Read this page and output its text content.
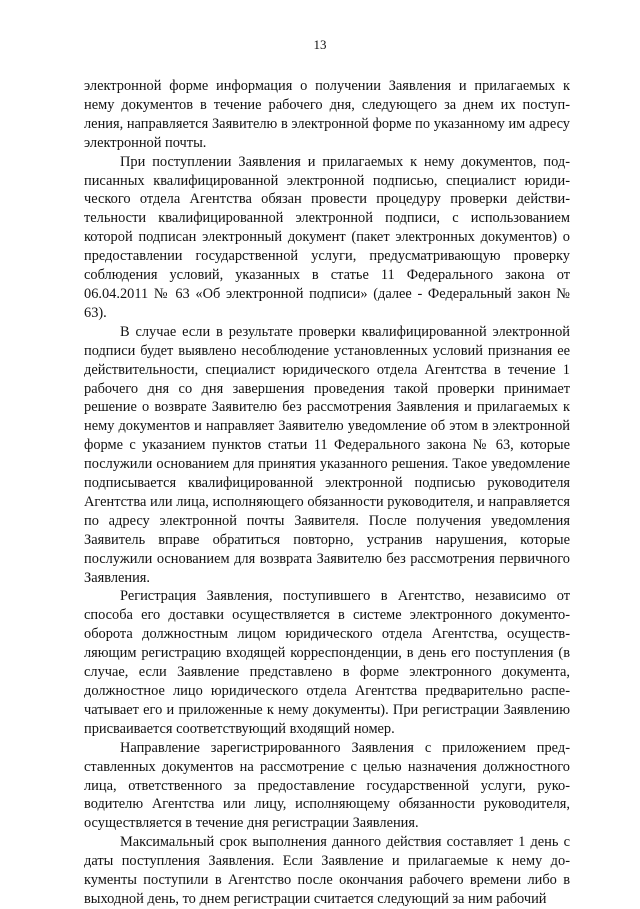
13

электронной форме информация о получении Заявления и прилагаемых к нему документов в течение рабочего дня, следующего за днем их поступления, направляется Заявителю в электронной форме по указанному им адресу электронной почты.

При поступлении Заявления и прилагаемых к нему документов, подписанных квалифицированной электронной подписью, специалист юридического отдела Агентства обязан провести процедуру проверки действительности квалифицированной электронной подписи, с использованием которой подписан электронный документ (пакет электронных документов) о предоставлении государственной услуги, предусматривающую проверку соблюдения условий, указанных в статье 11 Федерального закона от 06.04.2011 № 63 «Об электронной подписи» (далее - Федеральный закон № 63).

В случае если в результате проверки квалифицированной электронной подписи будет выявлено несоблюдение установленных условий признания ее действительности, специалист юридического отдела Агентства в течение 1 рабочего дня со дня завершения проведения такой проверки принимает решение о возврате Заявителю без рассмотрения Заявления и прилагаемых к нему документов и направляет Заявителю уведомление об этом в электронной форме с указанием пунктов статьи 11 Федерального закона № 63, которые послужили основанием для принятия указанного решения. Такое уведомление подписывается квалифицированной электронной подписью руководителя Агентства или лица, исполняющего обязанности руководителя, и направляется по адресу электронной почты Заявителя. После получения уведомления Заявитель вправе обратиться повторно, устранив нарушения, которые послужили основанием для возврата Заявителю без рассмотрения первичного Заявления.

Регистрация Заявления, поступившего в Агентство, независимо от способа его доставки осуществляется в системе электронного документооборота должностным лицом юридического отдела Агентства, осуществляющим регистрацию входящей корреспонденции, в день его поступления (в случае, если Заявление представлено в форме электронного документа, должностное лицо юридического отдела Агентства предварительно распечатывает его и приложенные к нему документы). При регистрации Заявлению присваивается соответствующий входящий номер.

Направление зарегистрированного Заявления с приложением представленных документов на рассмотрение с целью назначения должностного лица, ответственного за предоставление государственной услуги, руководителю Агентства или лицу, исполняющему обязанности руководителя, осуществляется в течение дня регистрации Заявления.

Максимальный срок выполнения данного действия составляет 1 день с даты поступления Заявления. Если Заявление и прилагаемые к нему документы поступили в Агентство после окончания рабочего времени либо в выходной день, то днем регистрации считается следующий за ним рабочий
